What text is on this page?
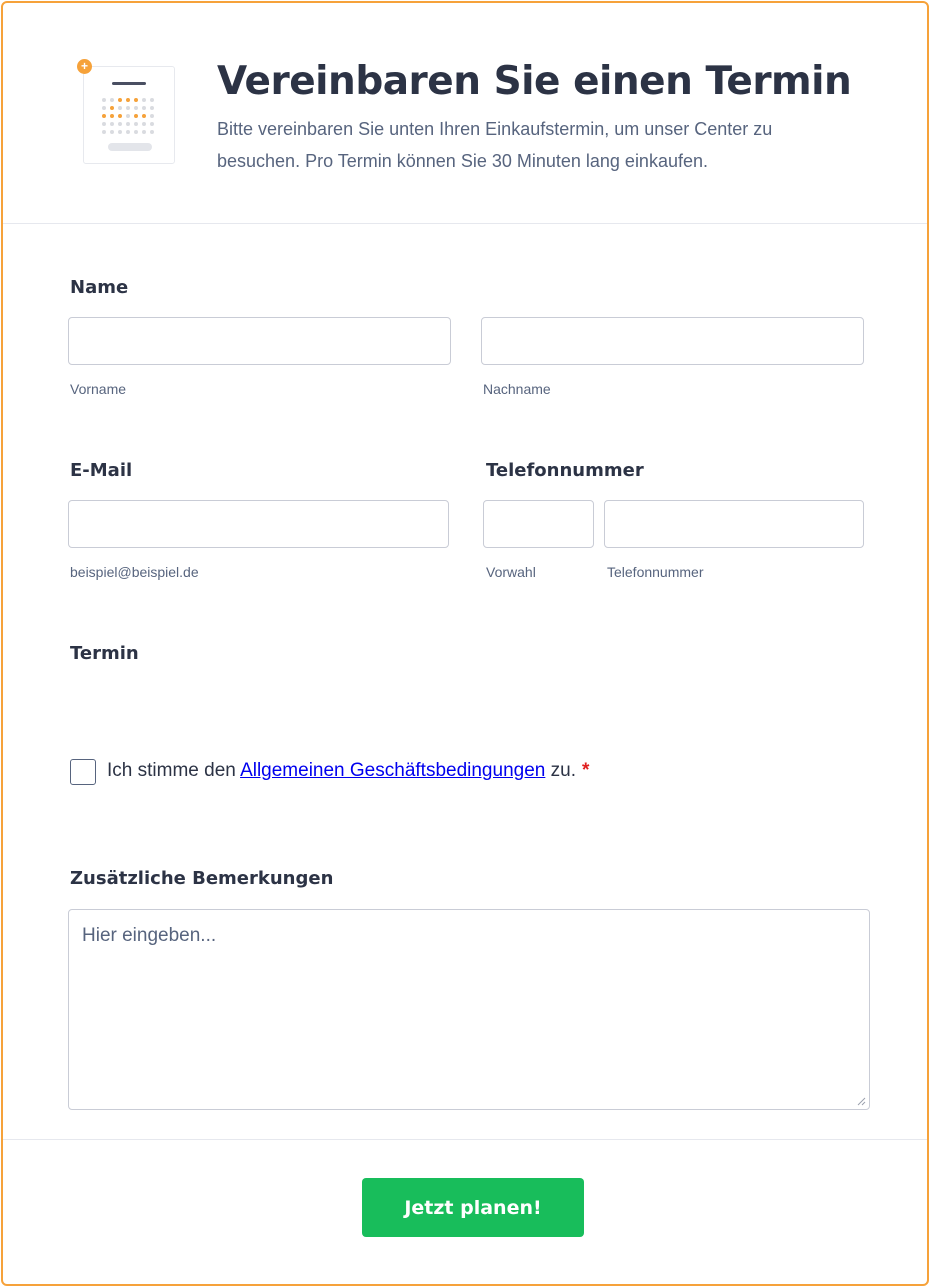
+	Vereinbaren Sie einen Termin

Bitte vereinbaren Sie unten Ihren Einkaufstermin, um unser Center zu besuchen. Pro Termin können Sie 30 Minuten lang einkaufen.

Name
Vorname	Nachname
E-Mail
beispiel@beispiel.de
Telefonnummer
Vorwahl	Telefonnummer
Termin
Ich stimme den Allgemeinen Geschäftsbedingungen zu. *
Zusätzliche Bemerkungen
Hier eingeben...
Jetzt planen!
